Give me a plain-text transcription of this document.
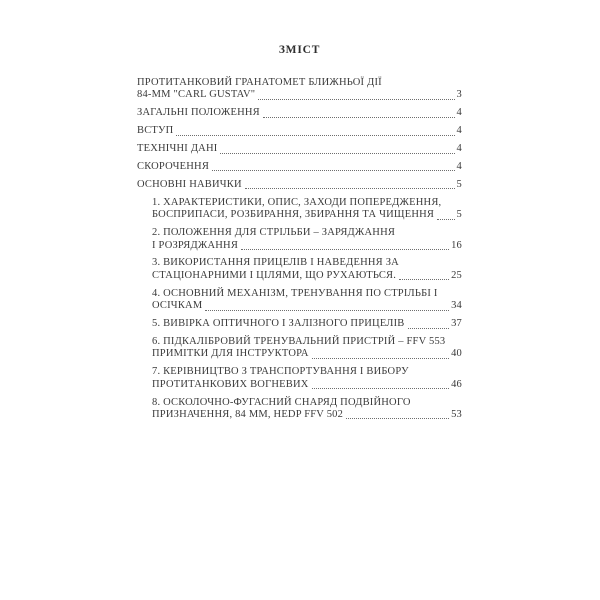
ЗМІСТ
ПРОТИТАНКОВИЙ ГРАНАТОМЕТ БЛИЖНЬОЇ ДІЇ
84-ММ "CARL GUSTAV"	3
ЗАГАЛЬНІ ПОЛОЖЕННЯ	4
ВСТУП	4
ТЕХНІЧНІ ДАНІ	4
СКОРОЧЕННЯ	4
ОСНОВНІ НАВИЧКИ	5
1. ХАРАКТЕРИСТИКИ, ОПИС, ЗАХОДИ ПОПЕРЕДЖЕННЯ,
БОСПРИПАСИ, РОЗБИРАННЯ, ЗБИРАННЯ ТА ЧИЩЕННЯ 5
2. ПОЛОЖЕННЯ ДЛЯ СТРІЛЬБИ – ЗАРЯДЖАННЯ
І РОЗРЯДЖАННЯ	16
3. ВИКОРИСТАННЯ ПРИЦЕЛІВ І НАВЕДЕННЯ ЗА
СТАЦІОНАРНИМИ І ЦІЛЯМИ, ЩО РУХАЮТЬСЯ.	25
4. ОСНОВНИЙ МЕХАНІЗМ, ТРЕНУВАННЯ ПО СТРІЛЬБІ І
ОСІЧКАМ	34
5. ВИВІРКА ОПТИЧНОГО І ЗАЛІЗНОГО ПРИЦЕЛІВ	37
6. ПІДКАЛІБРОВИЙ ТРЕНУВАЛЬНИЙ ПРИСТРІЙ – FFV 553
ПРИМІТКИ ДЛЯ ІНСТРУКТОРА	40
7. КЕРІВНИЦТВО З ТРАНСПОРТУВАННЯ І ВИБОРУ
ПРОТИТАНКОВИХ ВОГНЕВИХ	46
8. ОСКОЛОЧНО-ФУГАСНИЙ СНАРЯД ПОДВІЙНОГО
ПРИЗНАЧЕННЯ, 84 ММ, HEDP FFV 502	53
